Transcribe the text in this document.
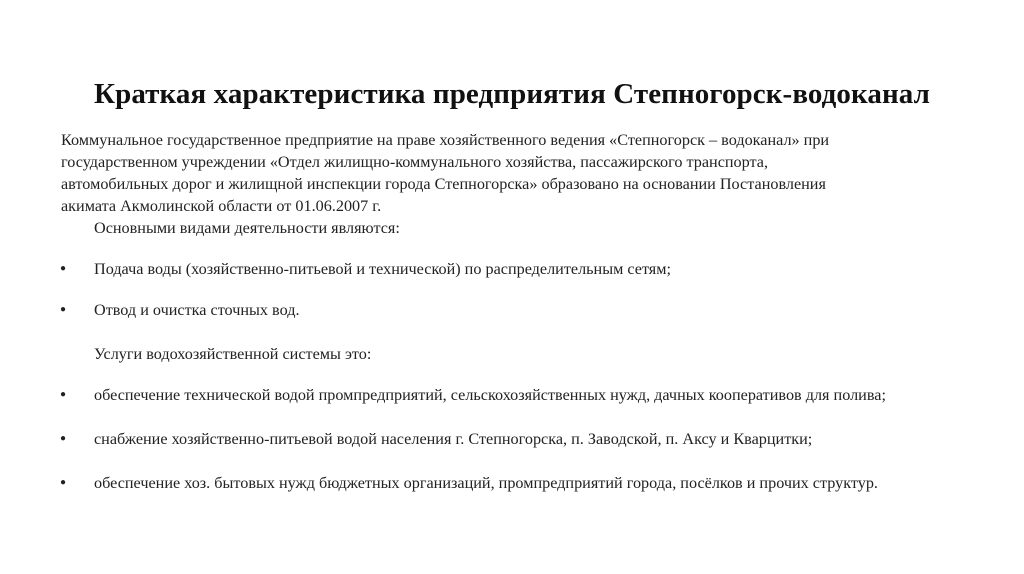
Краткая характеристика предприятия Степногорск-водоканал

Коммунальное государственное предприятие на праве хозяйственного ведения «Степногорск – водоканал» при
государственном учреждении «Отдел жилищно-коммунального хозяйства, пассажирского транспорта,
автомобильных дорог и жилищной инспекции города Степногорска» образовано на основании Постановления
акимата Акмолинской области от 01.06.2007 г.

Основными видами деятельности являются:

● Подача воды (хозяйственно-питьевой и технической) по распределительным сетям;
● Отвод и очистка сточных вод.

Услуги водохозяйственной системы это:

● обеспечение технической водой промпредприятий, сельскохозяйственных нужд, дачных кооперативов для полива;
● снабжение хозяйственно-питьевой водой населения г. Степногорска, п. Заводской, п. Аксу и Кварцитки;
● обеспечение хоз. бытовых нужд бюджетных организаций, промпредприятий города, посёлков и прочих структур.
